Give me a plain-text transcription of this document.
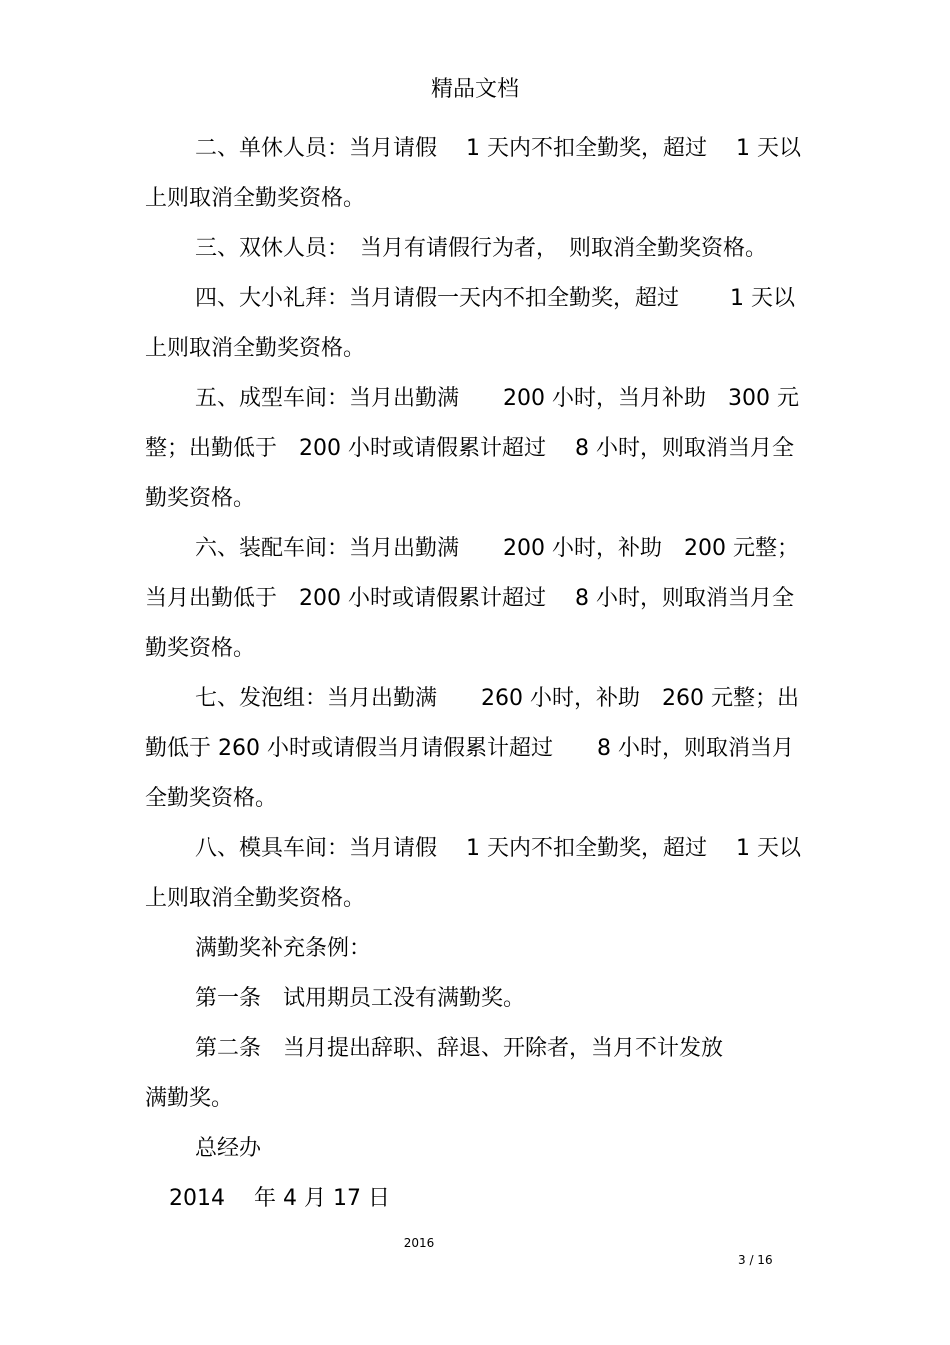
精品文档

二、单休人员：当月请假　 1 天内不扣全勤奖，超过　 1 天以上则取消全勤奖资格。

三、双休人员：　当月有请假行为者，　则取消全勤奖资格。

四、大小礼拜：当月请假一天内不扣全勤奖，超过　　 1 天以上则取消全勤奖资格。

五、成型车间：当月出勤满　　200 小时，当月补助　300 元整；出勤低于　200 小时或请假累计超过　 8 小时，则取消当月全勤奖资格。

六、装配车间：当月出勤满　　200 小时，补助　200 元整；当月出勤低于　200 小时或请假累计超过　 8 小时，则取消当月全勤奖资格。

七、发泡组：当月出勤满　　260 小时，补助　260 元整；出勤低于 260 小时或请假当月请假累计超过　　8 小时，则取消当月全勤奖资格。

八、模具车间：当月请假　 1 天内不扣全勤奖，超过　 1 天以上则取消全勤奖资格。

满勤奖补充条例：

第一条　试用期员工没有满勤奖。

第二条　当月提出辞职、辞退、开除者，当月不计发放

满勤奖。

总经办

2014　 年 4 月 17 日

2016
3 / 16
